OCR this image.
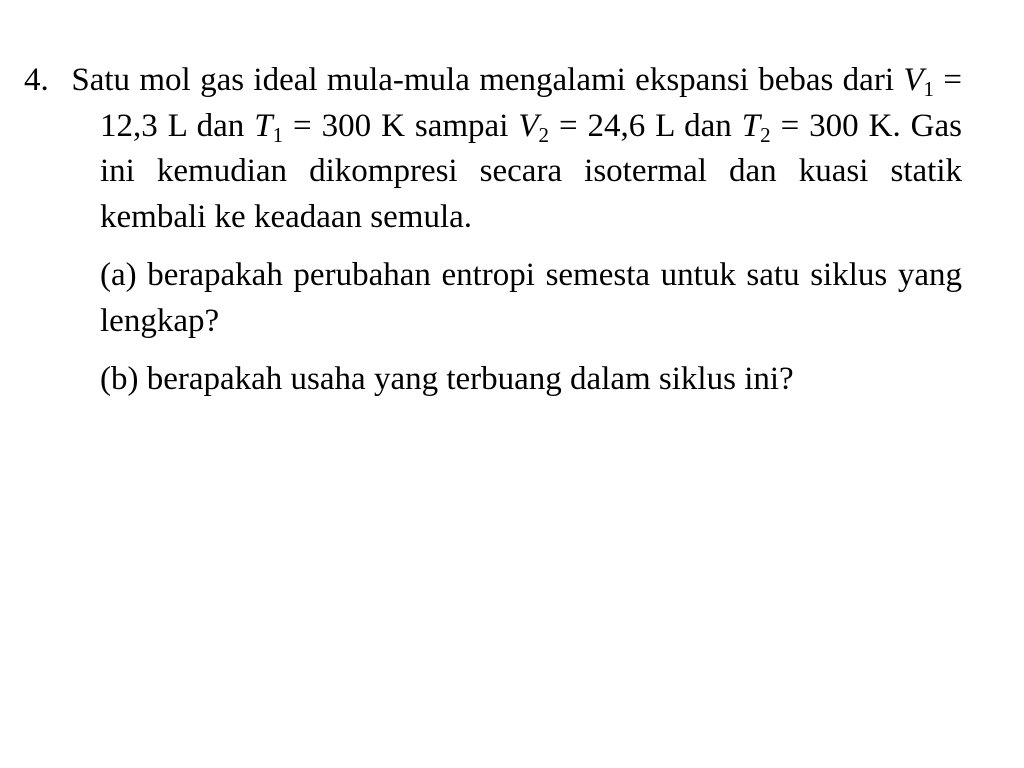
4. Satu mol gas ideal mula-mula mengalami ekspansi bebas dari $V_1 = 12,3$ L dan $T_1 = 300$ K sampai $V_2 = 24,6$ L dan $T_2 = 300$ K. Gas ini kemudian dikompresi secara isotermal dan kuasi statik kembali ke keadaan semula.

(a) berapakah perubahan entropi semesta untuk satu siklus yang lengkap?

(b) berapakah usaha yang terbuang dalam siklus ini?
